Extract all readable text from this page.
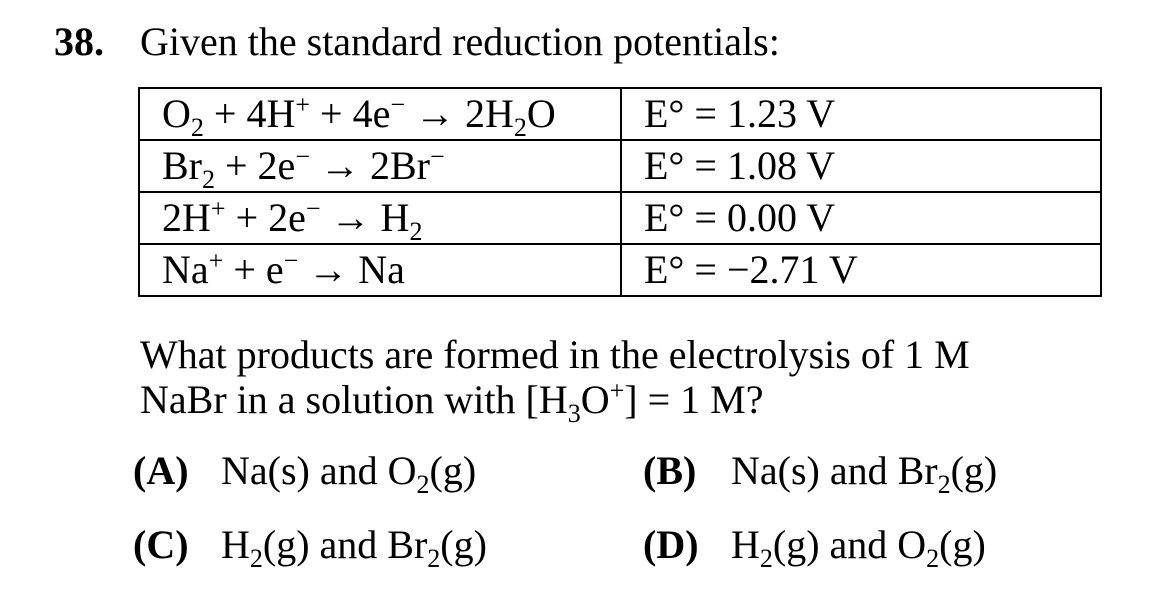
38. Given the standard reduction potentials:
$O_2 + 4H^+ + 4e^- \to 2H_2O$	E° = 1.23 V
$Br_2 + 2e^- \to 2Br^-$	E° = 1.08 V
$2H^+ + 2e^- \to H_2$	E° = 0.00 V
Na+ + e− → Na	E° = −2.71 V
What products are formed in the electrolysis of 1 M
NaBr in a solution with $[H_3O^+] = 1$ M?
(A) Na(s) and $O_2(g)$	(B) Na(s) and $Br_2(g)$
(C) $H_2(g)$ and $Br_2(g)$	(D) $H_2(g)$ and $O_2(g)$
